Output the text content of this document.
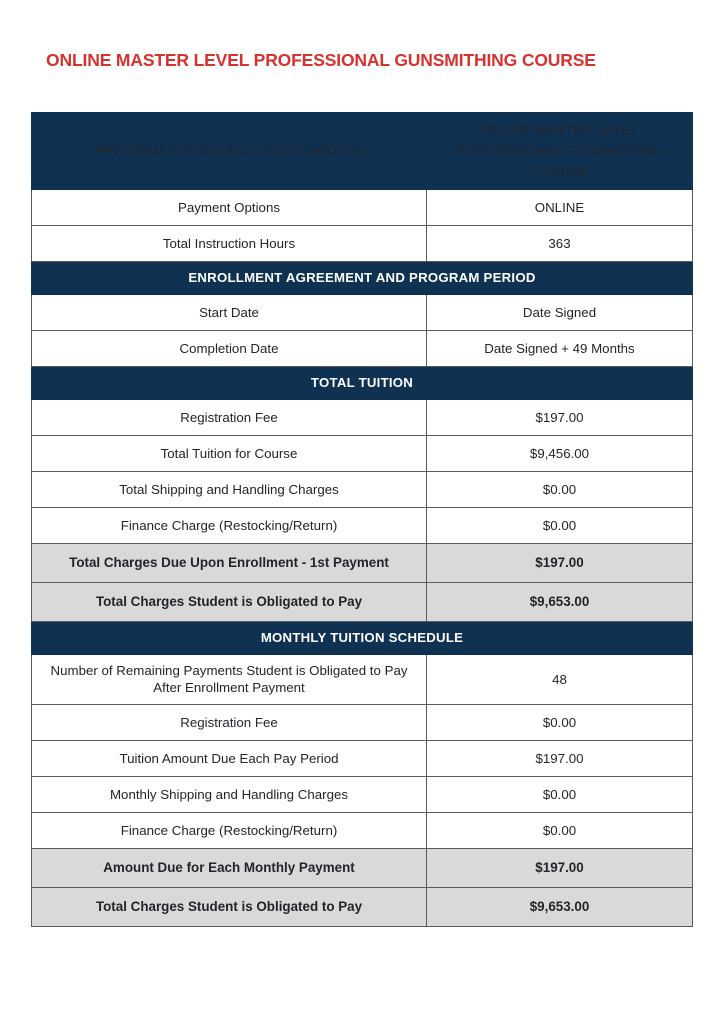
ONLINE MASTER LEVEL PROFESSIONAL GUNSMITHING COURSE
PROGRAM TUITION AND FEE SCHEDULE	ONLINE MASTER LEVEL PROFESSIONAL GUNSMITHING COURSE
Payment Options	ONLINE
Total Instruction Hours	363
ENROLLMENT AGREEMENT AND PROGRAM PERIOD	
Start Date	Date Signed
Completion Date	Date Signed + 49 Months
TOTAL TUITION	
Registration Fee	$197.00
Total Tuition for Course	$9,456.00
Total Shipping and Handling Charges	$0.00
Finance Charge (Restocking/Return)	$0.00
Total Charges Due Upon Enrollment - 1st Payment	$197.00
Total Charges Student is Obligated to Pay	$9,653.00
MONTHLY TUITION SCHEDULE	
Number of Remaining Payments Student is Obligated to Pay After Enrollment Payment	48
Registration Fee	$0.00
Tuition Amount Due Each Pay Period	$197.00
Monthly Shipping and Handling Charges	$0.00
Finance Charge (Restocking/Return)	$0.00
Amount Due for Each Monthly Payment	$197.00
Total Charges Student is Obligated to Pay	$9,653.00
